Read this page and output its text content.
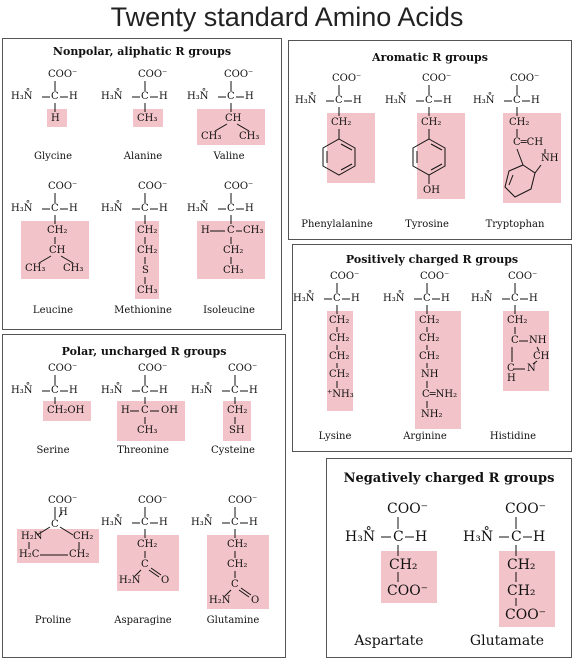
Twenty standard Amino Acids
Nonpolar, aliphatic R groups
COO⁻
H₃N̊ C H
H
Glycine
COO⁻
H₃N̊ C H
CH₃
Alanine
COO⁻
H₃N̊ C H
CH
CH₃ CH₃
Valine
COO⁻
H₃N̊ C H
CH₂
CH
CH₃ CH₃
Leucine
COO⁻
H₃N̊ C H
CH₂
CH₂
S
CH₃
Methionine
COO⁻
H₃N̊ C H
H C CH₃
CH₂
CH₃
Isoleucine
Aromatic R groups
COO⁻
H₃N̊ C H
CH₂
Phenylalanine
COO⁻
H₃N̊ C H
CH₂
OH
Tyrosine
COO⁻
H₃N̊ C H
CH₂
C═CH
NH
Tryptophan
Positively charged R groups
COO⁻
H₃N̊ C H
CH₂
CH₂
CH₂
CH₂
⁺NH₃
Lysine
COO⁻
H₃N̊ C H
CH₂
CH₂
CH₂
NH
C═NH₂
NH₂
Arginine
COO⁻
H₃N̊ C H
CH₂
C NH
CH
C
H
N
Histidine
Polar, uncharged R groups
COO⁻
H₃N̊ C H
CH₂OH
Serine
COO⁻
H₃N̊ C H
H C OH
CH₃
Threonine
COO⁻
H₃N̊ C H
CH₂
SH
Cysteine
COO⁻
H
C
H₂N	CH₂
H₂C	CH₂
Proline
COO⁻
H₃N̊ C H
CH₂
C
H₂N O
Asparagine
COO⁻
H₃N̊ C H
CH₂
CH₂
C
H₂N O
Glutamine
Negatively charged R groups
COO⁻
H₃N̊ C H
CH₂
COO⁻
Aspartate
COO⁻
H₃N̊ C H
CH₂
CH₂
COO⁻
Glutamate
